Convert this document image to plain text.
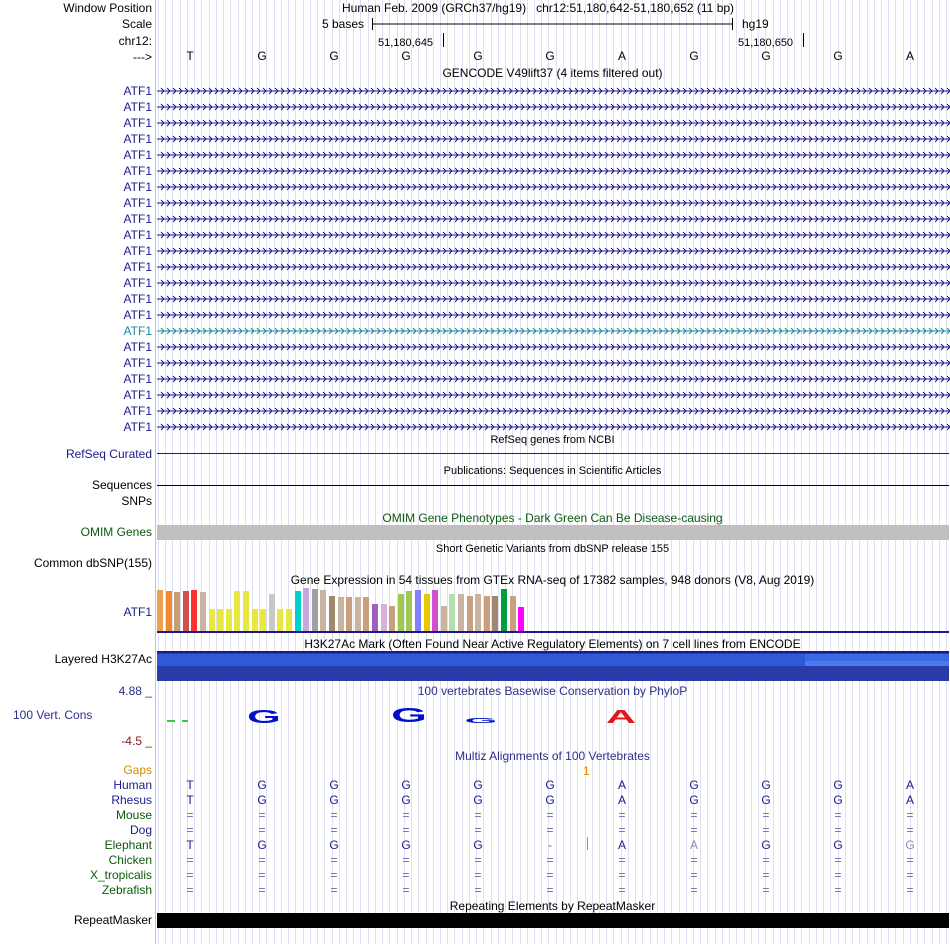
Window Position	Human Feb. 2009 (GRCh37/hg19)   chr12:51,180,642-51,180,652 (11 bp)
Scale	5 bases	hg19
chr12:	51,180,645	51,180,650
--->	T	G	G	G	G	G	A	G	G	G	A
GENCODE V49lift37 (4 items filtered out)
ATF1
ATF1
ATF1
ATF1
ATF1
ATF1
ATF1
ATF1
ATF1
ATF1
ATF1
ATF1
ATF1
ATF1
ATF1
ATF1
ATF1
ATF1
ATF1
ATF1
ATF1
ATF1
RefSeq genes from NCBI
RefSeq Curated
Publications: Sequences in Scientific Articles
Sequences
SNPs
OMIM Gene Phenotypes - Dark Green Can Be Disease-causing
OMIM Genes
Short Genetic Variants from dbSNP release 155
Common dbSNP(155)
Gene Expression in 54 tissues from GTEx RNA-seq of 17382 samples, 948 donors (V8, Aug 2019)
ATF1
H3K27Ac Mark (Often Found Near Active Regulatory Elements) on 7 cell lines from ENCODE
Layered H3K27Ac
4.88 _	100 vertebrates Basewise Conservation by PhyloP
100 Vert. Cons
-4.5 _
G	G	G	A
Multiz Alignments of 100 Vertebrates
Gaps	1
Human	T	G	G	G	G	G	A	G	G	G	A
Rhesus	T	G	G	G	G	G	A	G	G	G	A
Mouse	=	=	=	=	=	=	=	=	=	=	=
Dog	=	=	=	=	=	=	=	=	=	=	=
Elephant	T	G	G	G	G	-	A	A	G	G	G
Chicken	=	=	=	=	=	=	=	=	=	=	=
X_tropicalis	=	=	=	=	=	=	=	=	=	=	=
Zebrafish	=	=	=	=	=	=	=	=	=	=	=
Repeating Elements by RepeatMasker
RepeatMasker
